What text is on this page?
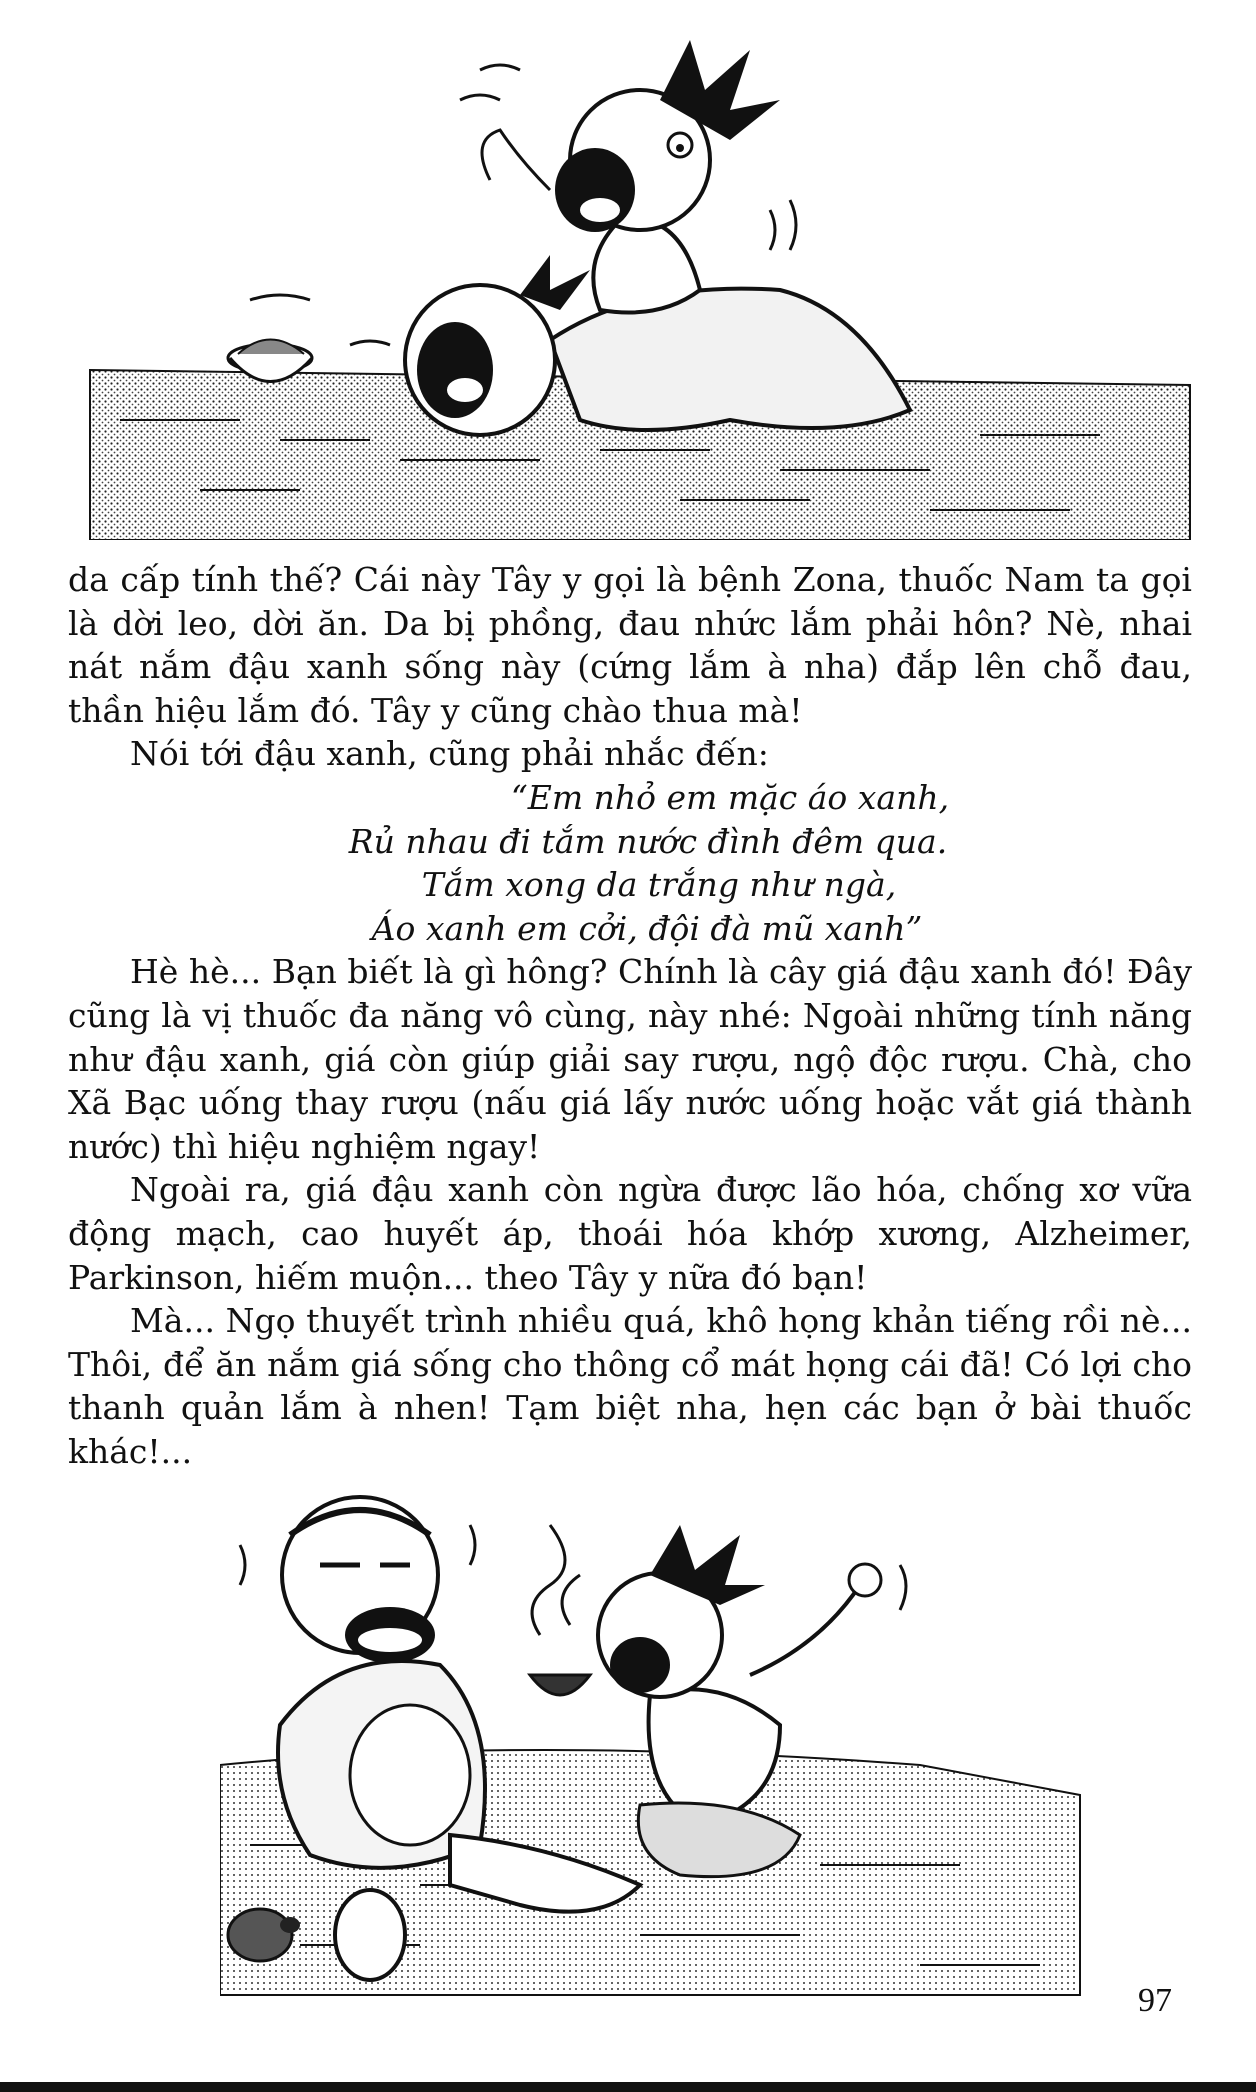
da cấp tính thế? Cái này Tây y gọi là bệnh Zona, thuốc Nam ta gọi là dời leo, dời ăn. Da bị phồng, đau nhức lắm phải hôn? Nè, nhai nát nắm đậu xanh sống này (cứng lắm à nha) đắp lên chỗ đau, thần hiệu lắm đó. Tây y cũng chào thua mà!

Nói tới đậu xanh, cũng phải nhắc đến:

“Em nhỏ em mặc áo xanh,
Rủ nhau đi tắm nước đình đêm qua.
Tắm xong da trắng như ngà,
Áo xanh em cởi, đội đà mũ xanh”

Hè hè... Bạn biết là gì hông? Chính là cây giá đậu xanh đó! Đây cũng là vị thuốc đa năng vô cùng, này nhé: Ngoài những tính năng như đậu xanh, giá còn giúp giải say rượu, ngộ độc rượu. Chà, cho Xã Bạc uống thay rượu (nấu giá lấy nước uống hoặc vắt giá thành nước) thì hiệu nghiệm ngay!

Ngoài ra, giá đậu xanh còn ngừa được lão hóa, chống xơ vữa động mạch, cao huyết áp, thoái hóa khớp xương, Alzheimer, Parkinson, hiếm muộn... theo Tây y nữa đó bạn!

Mà... Ngọ thuyết trình nhiều quá, khô họng khản tiếng rồi nè... Thôi, để ăn nắm giá sống cho thông cổ mát họng cái đã! Có lợi cho thanh quản lắm à nhen! Tạm biệt nha, hẹn các bạn ở bài thuốc khác!...

97
